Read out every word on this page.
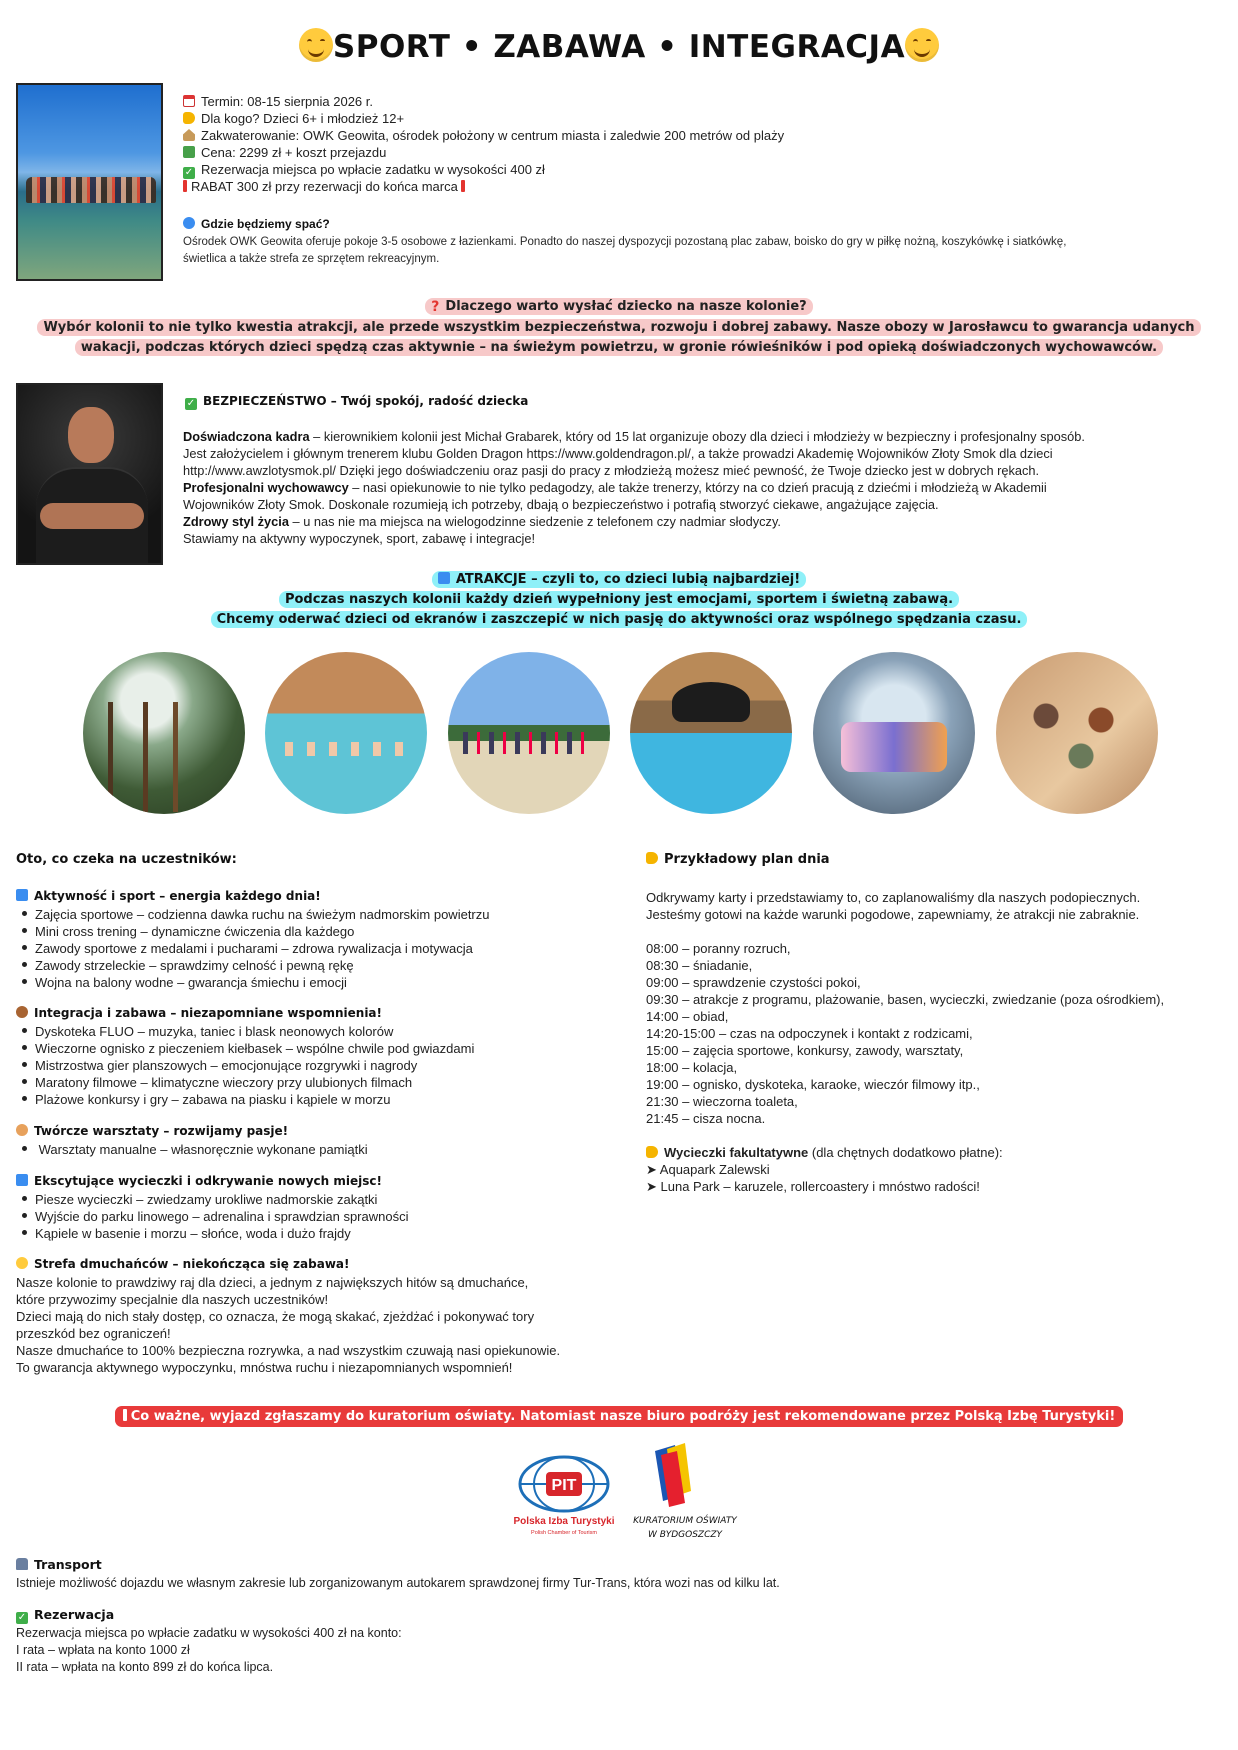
SPORT • ZABAWA • INTEGRACJA
Termin: 08-15 sierpnia 2026 r.
Dla kogo? Dzieci 6+ i młodzież 12+
Zakwaterowanie: OWK Geowita, ośrodek położony w centrum miasta i zaledwie 200 metrów od plaży
Cena: 2299 zł + koszt przejazdu
✓ Rezerwacja miejsca po wpłacie zadatku w wysokości 400 zł
RABAT 300 zł przy rezerwacji do końca marca
Gdzie będziemy spać?
Ośrodek OWK Geowita oferuje pokoje 3-5 osobowe z łazienkami. Ponadto do naszej dyspozycji pozostaną plac zabaw, boisko do gry w piłkę nożną, koszykówkę i siatkówkę,
świetlica a także strefa ze sprzętem rekreacyjnym.
? Dlaczego warto wysłać dziecko na nasze kolonie?
Wybór kolonii to nie tylko kwestia atrakcji, ale przede wszystkim bezpieczeństwa, rozwoju i dobrej zabawy. Nasze obozy w Jarosławcu to gwarancja udanych
wakacji, podczas których dzieci spędzą czas aktywnie – na świeżym powietrzu, w gronie rówieśników i pod opieką doświadczonych wychowawców.
✓ BEZPIECZEŃSTWO – Twój spokój, radość dziecka
Doświadczona kadra – kierownikiem kolonii jest Michał Grabarek, który od 15 lat organizuje obozy dla dzieci i młodzieży w bezpieczny i profesjonalny sposób.
Jest założycielem i głównym trenerem klubu Golden Dragon https://www.goldendragon.pl/, a także prowadzi Akademię Wojowników Złoty Smok dla dzieci
http://www.awzlotysmok.pl/ Dzięki jego doświadczeniu oraz pasji do pracy z młodzieżą możesz mieć pewność, że Twoje dziecko jest w dobrych rękach.
Profesjonalni wychowawcy – nasi opiekunowie to nie tylko pedagodzy, ale także trenerzy, którzy na co dzień pracują z dziećmi i młodzieżą w Akademii
Wojowników Złoty Smok. Doskonale rozumieją ich potrzeby, dbają o bezpieczeństwo i potrafią stworzyć ciekawe, angażujące zajęcia.
Zdrowy styl życia – u nas nie ma miejsca na wielogodzinne siedzenie z telefonem czy nadmiar słodyczy.
Stawiamy na aktywny wypoczynek, sport, zabawę i integracje!
ATRAKCJE – czyli to, co dzieci lubią najbardziej!
Podczas naszych kolonii każdy dzień wypełniony jest emocjami, sportem i świetną zabawą.
Chcemy oderwać dzieci od ekranów i zaszczepić w nich pasję do aktywności oraz wspólnego spędzania czasu.
Oto, co czeka na uczestników:
Aktywność i sport – energia każdego dnia!
Zajęcia sportowe – codzienna dawka ruchu na świeżym nadmorskim powietrzu
Mini cross trening – dynamiczne ćwiczenia dla każdego
Zawody sportowe z medalami i pucharami – zdrowa rywalizacja i motywacja
Zawody strzeleckie – sprawdzimy celność i pewną rękę
Wojna na balony wodne – gwarancja śmiechu i emocji
Integracja i zabawa – niezapomniane wspomnienia!
Dyskoteka FLUO – muzyka, taniec i blask neonowych kolorów
Wieczorne ognisko z pieczeniem kiełbasek – wspólne chwile pod gwiazdami
Mistrzostwa gier planszowych – emocjonujące rozgrywki i nagrody
Maratony filmowe – klimatyczne wieczory przy ulubionych filmach
Plażowe konkursy i gry – zabawa na piasku i kąpiele w morzu
Twórcze warsztaty – rozwijamy pasje!
Warsztaty manualne – własnoręcznie wykonane pamiątki
Ekscytujące wycieczki i odkrywanie nowych miejsc!
Piesze wycieczki – zwiedzamy urokliwe nadmorskie zakątki
Wyjście do parku linowego – adrenalina i sprawdzian sprawności
Kąpiele w basenie i morzu – słońce, woda i dużo frajdy
Strefa dmuchańców – niekończąca się zabawa!
Nasze kolonie to prawdziwy raj dla dzieci, a jednym z największych hitów są dmuchańce,
które przywozimy specjalnie dla naszych uczestników!
Dzieci mają do nich stały dostęp, co oznacza, że mogą skakać, zjeżdżać i pokonywać tory
przeszkód bez ograniczeń!
Nasze dmuchańce to 100% bezpieczna rozrywka, a nad wszystkim czuwają nasi opiekunowie.
To gwarancja aktywnego wypoczynku, mnóstwa ruchu i niezapomnianych wspomnień!
Przykładowy plan dnia
Odkrywamy karty i przedstawiamy to, co zaplanowaliśmy dla naszych podopiecznych.
Jesteśmy gotowi na każde warunki pogodowe, zapewniamy, że atrakcji nie zabraknie.
08:00 – poranny rozruch,
08:30 – śniadanie,
09:00 – sprawdzenie czystości pokoi,
09:30 – atrakcje z programu, plażowanie, basen, wycieczki, zwiedzanie (poza ośrodkiem),
14:00 – obiad,
14:20-15:00 – czas na odpoczynek i kontakt z rodzicami,
15:00 – zajęcia sportowe, konkursy, zawody, warsztaty,
18:00 – kolacja,
19:00 – ognisko, dyskoteka, karaoke, wieczór filmowy itp.,
21:30 – wieczorna toaleta,
21:45 – cisza nocna.
Wycieczki fakultatywne (dla chętnych dodatkowo płatne):
➤ Aquapark Zalewski
➤ Luna Park – karuzele, rollercoastery i mnóstwo radości!
Co ważne, wyjazd zgłaszamy do kuratorium oświaty. Natomiast nasze biuro podróży jest rekomendowane przez Polską Izbę Turystyki!
PIT
Polska Izba Turystyki
Polish Chamber of Tourism
KURATORIUM OŚWIATY
W BYDGOSZCZY
Transport
Istnieje możliwość dojazdu we własnym zakresie lub zorganizowanym autokarem sprawdzonej firmy Tur-Trans, która wozi nas od kilku lat.
✓ Rezerwacja
Rezerwacja miejsca po wpłacie zadatku w wysokości 400 zł na konto:
I rata – wpłata na konto 1000 zł
II rata – wpłata na konto 899 zł do końca lipca.
